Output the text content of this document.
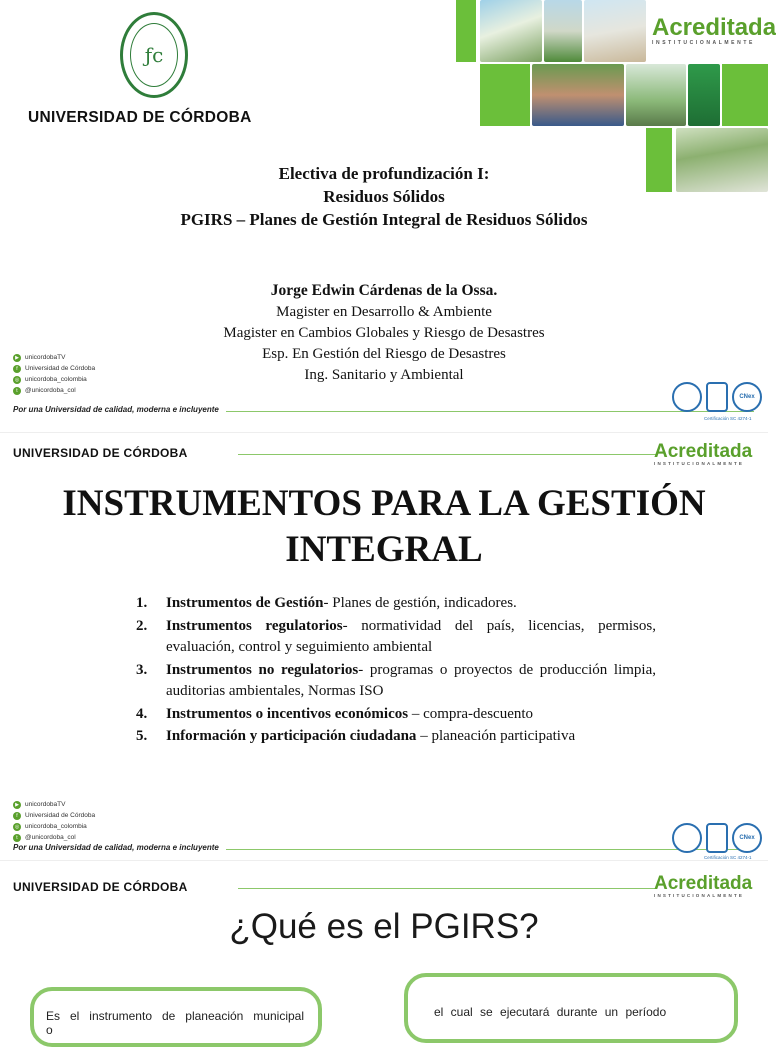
ƒc
UNIVERSIDAD DE CÓRDOBA
Acreditada
INSTITUCIONALMENTE
Electiva de profundización I:
Residuos Sólidos
PGIRS – Planes de Gestión Integral de Residuos Sólidos
Jorge Edwin Cárdenas de la Ossa.
Magister en Desarrollo & Ambiente
Magister en Cambios Globales y Riesgo de Desastres
Esp. En Gestión del Riesgo de Desastres
Ing. Sanitario y Ambiental
▶ unicordobaTV
f	Universidad de Córdoba
◎ unicordoba_colombia
t	@unicordoba_col
Por una Universidad de calidad, moderna e incluyente
CNex
Certificación SC 4274-1
UNIVERSIDAD DE CÓRDOBA	Acreditada
INSTITUCIONALMENTE
INSTRUMENTOS PARA LA GESTIÓN
INTEGRAL
1.	Instrumentos de Gestión- Planes de gestión, indicadores.
2.	Instrumentos regulatorios- normatividad del país, licencias, permisos, evaluación, control y seguimiento ambiental
3.	Instrumentos no regulatorios- programas o proyectos de producción limpia, auditorias ambientales, Normas ISO
4.	Instrumentos o incentivos económicos – compra-descuento
5.	Información y participación ciudadana – planeación participativa
▶ unicordobaTV
f	Universidad de Córdoba
◎ unicordoba_colombia
t	@unicordoba_col
Por una Universidad de calidad, moderna e incluyente
CNex
Certificación SC 4274-1
UNIVERSIDAD DE CÓRDOBA	Acreditada
INSTITUCIONALMENTE
¿Qué es el PGIRS?
Es el instrumento de planeación municipal o
el cual se ejecutará durante un período
